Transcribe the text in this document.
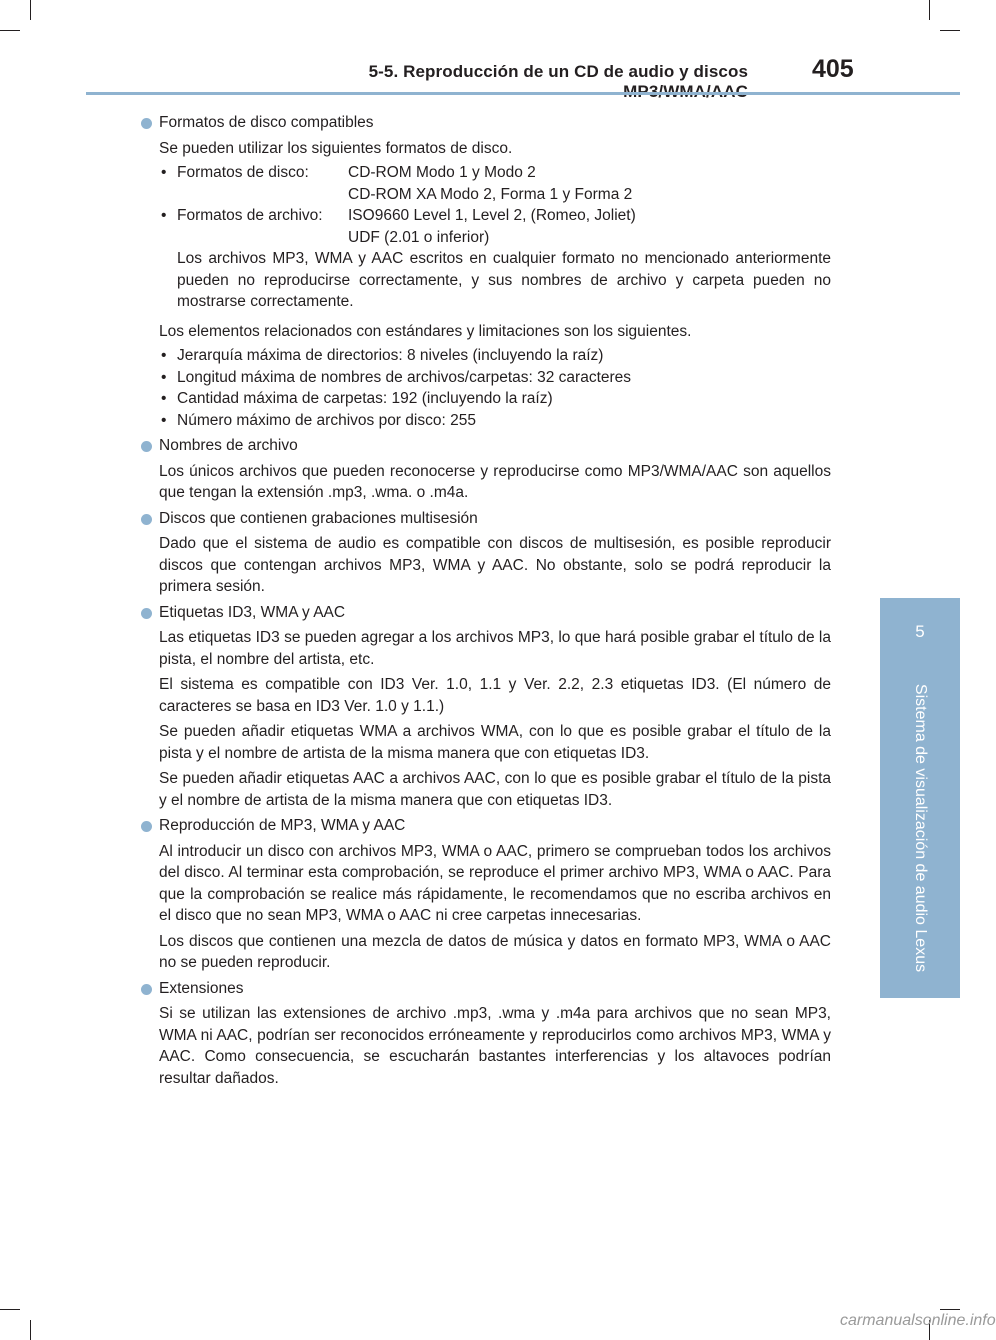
5-5. Reproducción de un CD de audio y discos	405
5
Sistema de visualización de audio Lexus
Formatos de disco compatibles
Se pueden utilizar los siguientes formatos de disco.
• Formatos de disco:	CD-ROM Modo 1 y Modo 2
CD-ROM XA Modo 2, Forma 1 y Forma 2
• Formatos de archivo:	ISO9660 Level 1, Level 2, (Romeo, Joliet)
UDF (2.01 o inferior)
Los archivos MP3, WMA y AAC escritos en cualquier formato no mencionado anteriormente pueden no reproducirse correctamente, y sus nombres de archivo y carpeta pueden no mostrarse correctamente.
Los elementos relacionados con estándares y limitaciones son los siguientes.
• Jerarquía máxima de directorios: 8 niveles (incluyendo la raíz)
• Longitud máxima de nombres de archivos/carpetas: 32 caracteres
• Cantidad máxima de carpetas: 192 (incluyendo la raíz)
• Número máximo de archivos por disco: 255
Nombres de archivo
Los únicos archivos que pueden reconocerse y reproducirse como MP3/WMA/AAC son aquellos que tengan la extensión .mp3, .wma. o .m4a.
Discos que contienen grabaciones multisesión
Dado que el sistema de audio es compatible con discos de multisesión, es posible reproducir discos que contengan archivos MP3, WMA y AAC. No obstante, solo se podrá reproducir la primera sesión.
Etiquetas ID3, WMA y AAC
Las etiquetas ID3 se pueden agregar a los archivos MP3, lo que hará posible grabar el título de la pista, el nombre del artista, etc.
El sistema es compatible con ID3 Ver. 1.0, 1.1 y Ver. 2.2, 2.3 etiquetas ID3. (El número de caracteres se basa en ID3 Ver. 1.0 y 1.1.)
Se pueden añadir etiquetas WMA a archivos WMA, con lo que es posible grabar el título de la pista y el nombre de artista de la misma manera que con etiquetas ID3.
Se pueden añadir etiquetas AAC a archivos AAC, con lo que es posible grabar el título de la pista y el nombre de artista de la misma manera que con etiquetas ID3.
Reproducción de MP3, WMA y AAC
Al introducir un disco con archivos MP3, WMA o AAC, primero se comprueban todos los archivos del disco. Al terminar esta comprobación, se reproduce el primer archivo MP3, WMA o AAC. Para que la comprobación se realice más rápidamente, le recomendamos que no escriba archivos en el disco que no sean MP3, WMA o AAC ni cree carpetas innecesarias.
Los discos que contienen una mezcla de datos de música y datos en formato MP3, WMA o AAC no se pueden reproducir.
Extensiones
Si se utilizan las extensiones de archivo .mp3, .wma y .m4a para archivos que no sean MP3, WMA ni AAC, podrían ser reconocidos erróneamente y reproducirlos como archivos MP3, WMA y AAC. Como consecuencia, se escucharán bastantes interferencias y los altavoces podrían resultar dañados.
carmanualsonline.info
